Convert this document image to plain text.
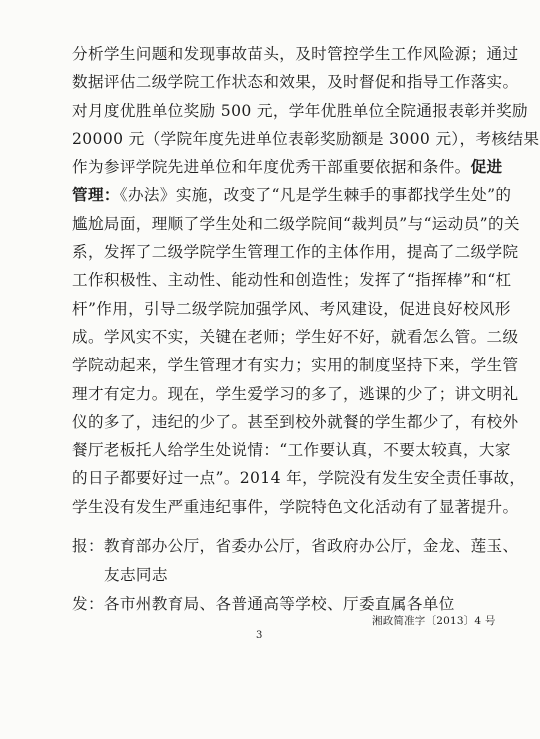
分析学生问题和发现事故苗头，及时管控学生工作风险源；通过
数据评估二级学院工作状态和效果，及时督促和指导工作落实。
对月度优胜单位奖励 500 元，学年优胜单位全院通报表彰并奖励
20000 元（学院年度先进单位表彰奖励额是 3000 元），考核结果
作为参评学院先进单位和年度优秀干部重要依据和条件。促进
管理：《办法》实施，改变了“凡是学生棘手的事都找学生处”的
尴尬局面，理顺了学生处和二级学院间“裁判员”与“运动员”的关
系，发挥了二级学院学生管理工作的主体作用，提高了二级学院
工作积极性、主动性、能动性和创造性；发挥了“指挥棒”和“杠
杆”作用，引导二级学院加强学风、考风建设，促进良好校风形
成。学风实不实，关键在老师；学生好不好，就看怎么管。二级
学院动起来，学生管理才有实力；实用的制度坚持下来，学生管
理才有定力。现在，学生爱学习的多了，逃课的少了；讲文明礼
仪的多了，违纪的少了。甚至到校外就餐的学生都少了，有校外
餐厅老板托人给学生处说情：“工作要认真，不要太较真，大家
的日子都要好过一点”。2014 年，学院没有发生安全责任事故，
学生没有发生严重违纪事件，学院特色文化活动有了显著提升。
报：教育部办公厅，省委办公厅，省政府办公厅，金龙、莲玉、
友志同志
发：各市州教育局、各普通高等学校、厅委直属各单位
湘政简准字〔2013〕4 号
3
